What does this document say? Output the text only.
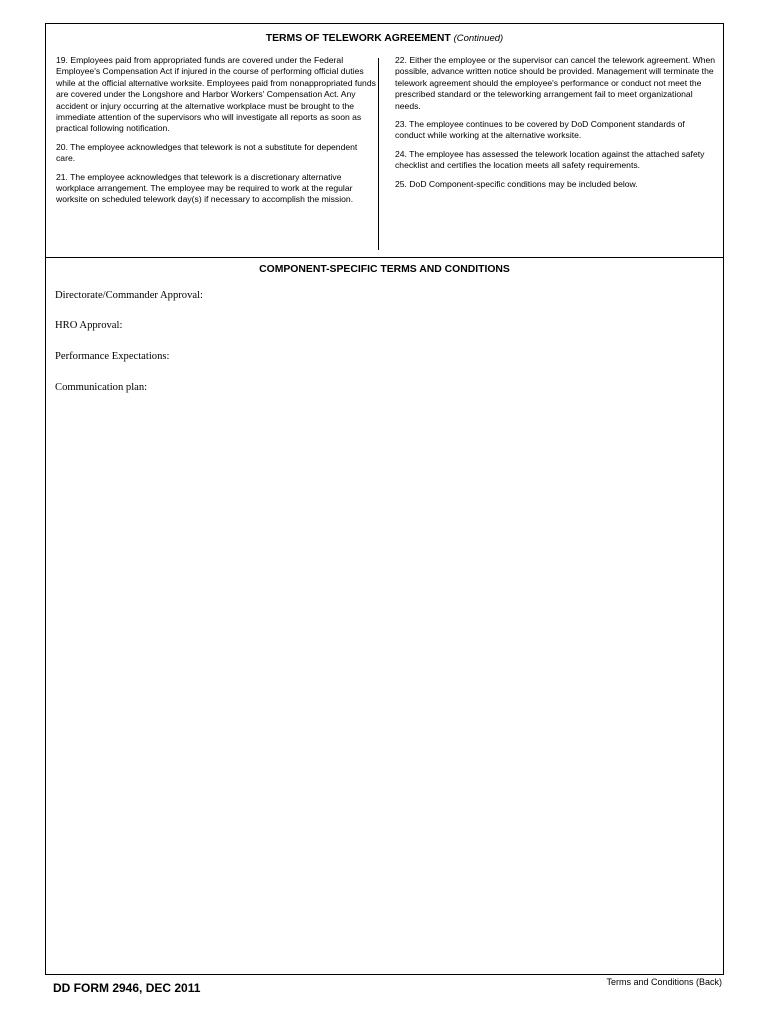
TERMS OF TELEWORK AGREEMENT (Continued)

19. Employees paid from appropriated funds are covered under the Federal Employee's Compensation Act if injured in the course of performing official duties while at the official alternative worksite. Employees paid from nonappropriated funds are covered under the Longshore and Harbor Workers' Compensation Act. Any accident or injury occurring at the alternative workplace must be brought to the immediate attention of the supervisors who will investigate all reports as soon as practical following notification.

20. The employee acknowledges that telework is not a substitute for dependent care.

21. The employee acknowledges that telework is a discretionary alternative workplace arrangement. The employee may be required to work at the regular worksite on scheduled telework day(s) if necessary to accomplish the mission.

22. Either the employee or the supervisor can cancel the telework agreement. When possible, advance written notice should be provided. Management will terminate the telework agreement should the employee's performance or conduct not meet the prescribed standard or the teleworking arrangement fail to meet organizational needs.

23. The employee continues to be covered by DoD Component standards of conduct while working at the alternative worksite.

24. The employee has assessed the telework location against the attached safety checklist and certifies the location meets all safety requirements.

25. DoD Component-specific conditions may be included below.

COMPONENT-SPECIFIC TERMS AND CONDITIONS
Directorate/Commander Approval:
HRO Approval:
Performance Expectations:
Communication plan:
DD FORM 2946, DEC 2011	Terms and Conditions (Back)
